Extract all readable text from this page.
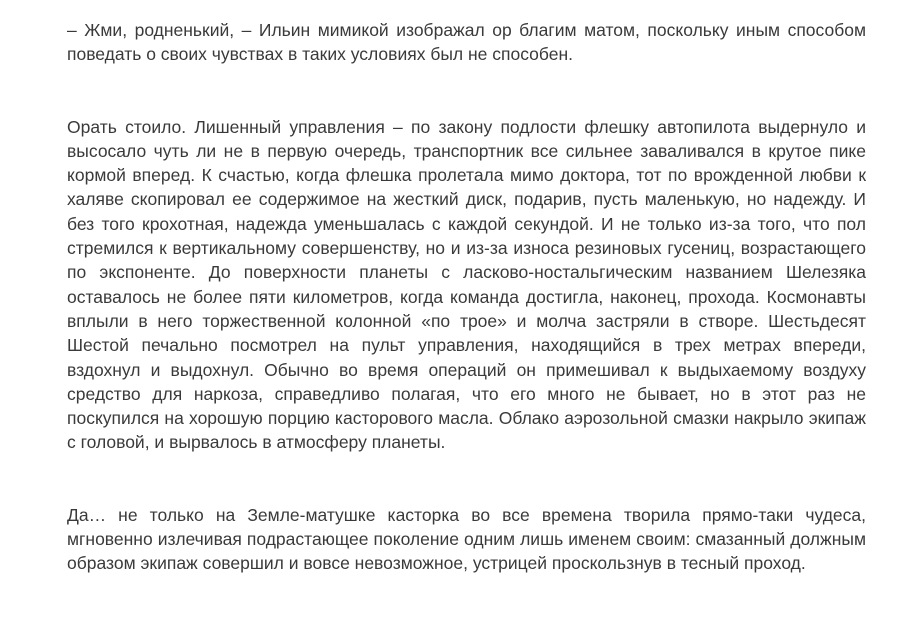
– Жми, родненький, – Ильин мимикой изображал ор благим матом, поскольку иным способом поведать о своих чувствах в таких условиях был не способен.

Орать стоило. Лишенный управления – по закону подлости флешку автопилота выдернуло и высосало чуть ли не в первую очередь, транспортник все сильнее заваливался в крутое пике кормой вперед. К счастью, когда флешка пролетала мимо доктора, тот по врожденной любви к халяве скопировал ее содержимое на жесткий диск, подарив, пусть маленькую, но надежду. И без того крохотная, надежда уменьшалась с каждой секундой. И не только из-за того, что пол стремился к вертикальному совершенству, но и из-за износа резиновых гусениц, возрастающего по экспоненте. До поверхности планеты с ласково-ностальгическим названием Шелезяка оставалось не более пяти километров, когда команда достигла, наконец, прохода. Космонавты вплыли в него торжественной колонной «по трое» и молча застряли в створе. Шестьдесят Шестой печально посмотрел на пульт управления, находящийся в трех метрах впереди, вздохнул и выдохнул. Обычно во время операций он примешивал к выдыхаемому воздуху средство для наркоза, справедливо полагая, что его много не бывает, но в этот раз не поскупился на хорошую порцию касторового масла. Облако аэрозольной смазки накрыло экипаж с головой, и вырвалось в атмосферу планеты.

Да… не только на Земле-матушке касторка во все времена творила прямо-таки чудеса, мгновенно излечивая подрастающее поколение одним лишь именем своим: смазанный должным образом экипаж совершил и вовсе невозможное, устрицей проскользнув в тесный проход.
